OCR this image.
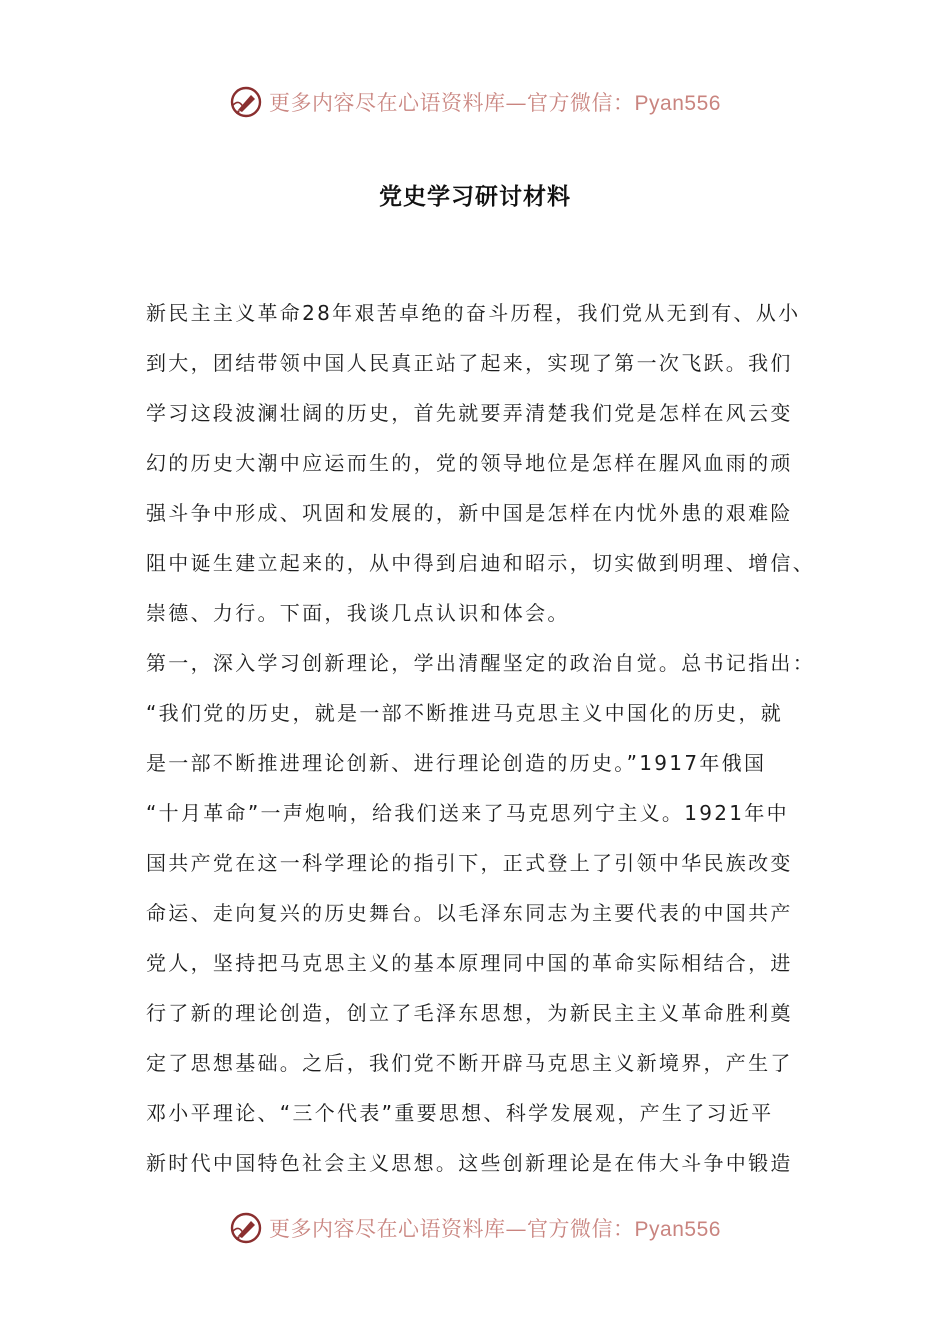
更多内容尽在心语资料库—官方微信：Pyan556
党史学习研讨材料
新民主主义革命28年艰苦卓绝的奋斗历程，我们党从无到有、从小
到大，团结带领中国人民真正站了起来，实现了第一次飞跃。我们
学习这段波澜壮阔的历史，首先就要弄清楚我们党是怎样在风云变
幻的历史大潮中应运而生的，党的领导地位是怎样在腥风血雨的顽
强斗争中形成、巩固和发展的，新中国是怎样在内忧外患的艰难险
阻中诞生建立起来的，从中得到启迪和昭示，切实做到明理、增信、
崇德、力行。下面，我谈几点认识和体会。
第一，深入学习创新理论，学出清醒坚定的政治自觉。总书记指出：
“我们党的历史，就是一部不断推进马克思主义中国化的历史，就
是一部不断推进理论创新、进行理论创造的历史。”1917年俄国
“十月革命”一声炮响，给我们送来了马克思列宁主义。1921年中
国共产党在这一科学理论的指引下，正式登上了引领中华民族改变
命运、走向复兴的历史舞台。以毛泽东同志为主要代表的中国共产
党人，坚持把马克思主义的基本原理同中国的革命实际相结合，进
行了新的理论创造，创立了毛泽东思想，为新民主主义革命胜利奠
定了思想基础。之后，我们党不断开辟马克思主义新境界，产生了
邓小平理论、“三个代表”重要思想、科学发展观，产生了习近平
新时代中国特色社会主义思想。这些创新理论是在伟大斗争中锻造
更多内容尽在心语资料库—官方微信：Pyan556
